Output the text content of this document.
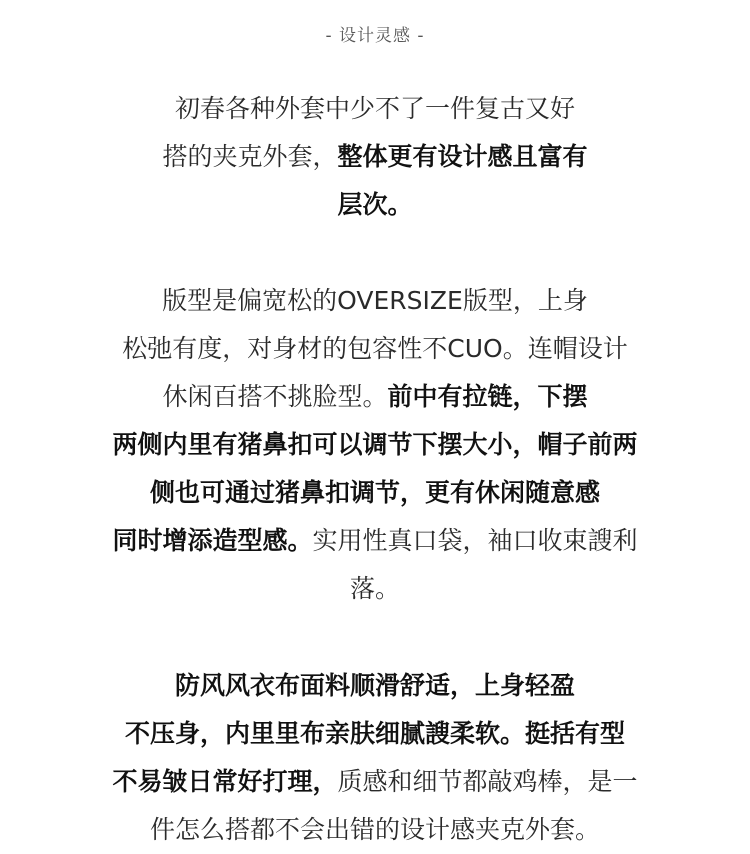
- 设计灵感 -

初春各种外套中少不了一件复古又好
搭的夹克外套，整体更有设计感且富有
层次。

版型是偏宽松的OVERSIZE版型，上身
松弛有度，对身材的包容性不CUO。连帽设计
休闲百搭不挑脸型。前中有拉链，下摆
两侧内里有猪鼻扣可以调节下摆大小，帽子前两
侧也可通过猪鼻扣调节，更有休闲随意感
同时增添造型感。实用性真口袋，袖口收束謏利
落。

防风风衣布面料顺滑舒适，上身轻盈
不压身，内里里布亲肤细腻謏柔软。挺括有型
不易皱日常好打理，质感和细节都敲鸡棒，是一
件怎么搭都不会出错的设计感夹克外套。
